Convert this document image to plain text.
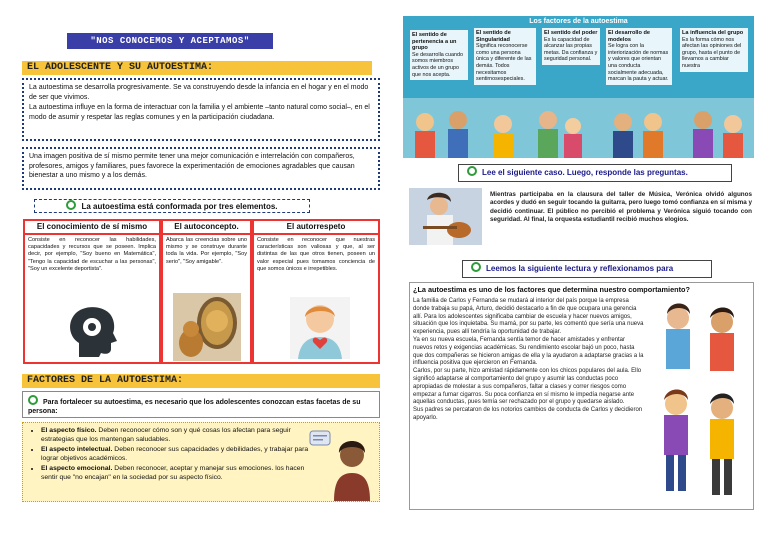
"NOS CONOCEMOS Y ACEPTAMOS"
EL ADOLESCENTE Y SU AUTOESTIMA:

La autoestima se desarrolla progresivamente. Se va construyendo desde la infancia en el hogar y en el modo de ser que vivimos.

La autoestima influye en la forma de interactuar con la familia y el ambiente –tanto natural como social–, en el modo de asumir y respetar las reglas comunes y en la participación ciudadana.

Una imagen positiva de sí mismo permite tener una mejor comunicación e interrelación con compañeros, profesores, amigos y familiares, pues favorece la experimentación de emociones agradables que causan bienestar a uno mismo y a los demás.

La autoestima está conformada por tres elementos.
El conocimiento de sí mismo
Consiste en reconocer las habilidades, capacidades y recursos que se poseen. Implica decir, por ejemplo, "Soy bueno en Matemática", "Tengo la capacidad de escuchar a las personas", "Soy un excelente deportista".
El autoconcepto.
Abarca las creencias sobre uno mismo y se construye durante toda la vida. Por ejemplo, "Soy serio", "Soy amigable".
El autorrespeto
Consiste en reconocer que nuestras características son valiosas y que, al ser distintas de las que otros tienen, poseen un valor especial pues tomamos conciencia de que somos únicos e irrepetibles.
FACTORES DE LA AUTOESTIMA:
Para fortalecer su autoestima, es necesario que los adolescentes conozcan estas facetas de su persona:
• El aspecto físico. Deben reconocer cómo son y qué cosas los afectan para seguir estrategias que los mantengan saludables.
• El aspecto intelectual. Deben reconocer sus capacidades y debilidades, y trabajar para lograr objetivos académicos.
• El aspecto emocional. Deben reconocer, aceptar y manejar sus emociones. los hacen sentir que "no encajan" en la sociedad por su aspecto físico.
Los factores de la autoestima
El sentido de pertenencia a un grupo
Se desarrolla cuando somos miembros activos de un grupo que nos acepta.
El sentido de Singularidad
Significa reconocerse como una persona única y diferente de las demás. Todos necesitamos sentirnosespeciales.
El sentido del poder
Es la capacidad de alcanzar las propias metas. Da confianza y seguridad personal.
El desarrollo de modelos
Se logra con la interiorización de normas y valores que orientan una conducta socialmente adecuada, marcan la pauta y actuar.
La influencia del grupo
Es la forma cómo nos afectan las opiniones del grupo, hasta el punto de llevarnos a cambiar nuestra
Lee el siguiente caso. Luego, responde las preguntas.
Mientras participaba en la clausura del taller de Música, Verónica olvidó algunos acordes y dudó en seguir tocando la guitarra, pero luego tomó confianza en sí misma y decidió continuar. El público no percibió el problema y Verónica siguió tocando con seguridad. Al final, la orquesta estudiantil recibió muchos elogios.
Leemos la siguiente lectura y reflexionamos para
¿La autoestima es uno de los factores que determina nuestro comportamiento?

La familia de Carlos y Fernanda se mudará al interior del país porque la empresa donde trabaja su papá, Arturo, decidió destacarlo a fin de que ocupara una gerencia allí. Para los adolescentes significaba cambiar de escuela y hacer nuevos amigos, situación que los inquietaba. Su mamá, por su parte, les comentó que sería una nueva experiencia, pues allí tendría la oportunidad de trabajar.

Ya en su nueva escuela, Fernanda sentía temor de hacer amistades y enfrentar nuevos retos y exigencias académicas. Su rendimiento escolar bajó un poco, hasta que dos compañeras se hicieron amigas de ella y la ayudaron a adaptarse gracias a la influencia positiva que ejercieron en Fernanda.

Carlos, por su parte, hizo amistad rápidamente con los chicos populares del aula. Ello significó adaptarse al comportamiento del grupo y asumir las conductas poco apropiadas de molestar a sus compañeros, faltar a clases y correr riesgos como empezar a fumar cigarros. Su poca confianza en sí mismo le impedía negarse ante aquellas conductas, pues temía ser rechazado por el grupo y quedarse aislado.

Sus padres se percataron de los notorios cambios de conducta de Carlos y decidieron apoyarlo.
